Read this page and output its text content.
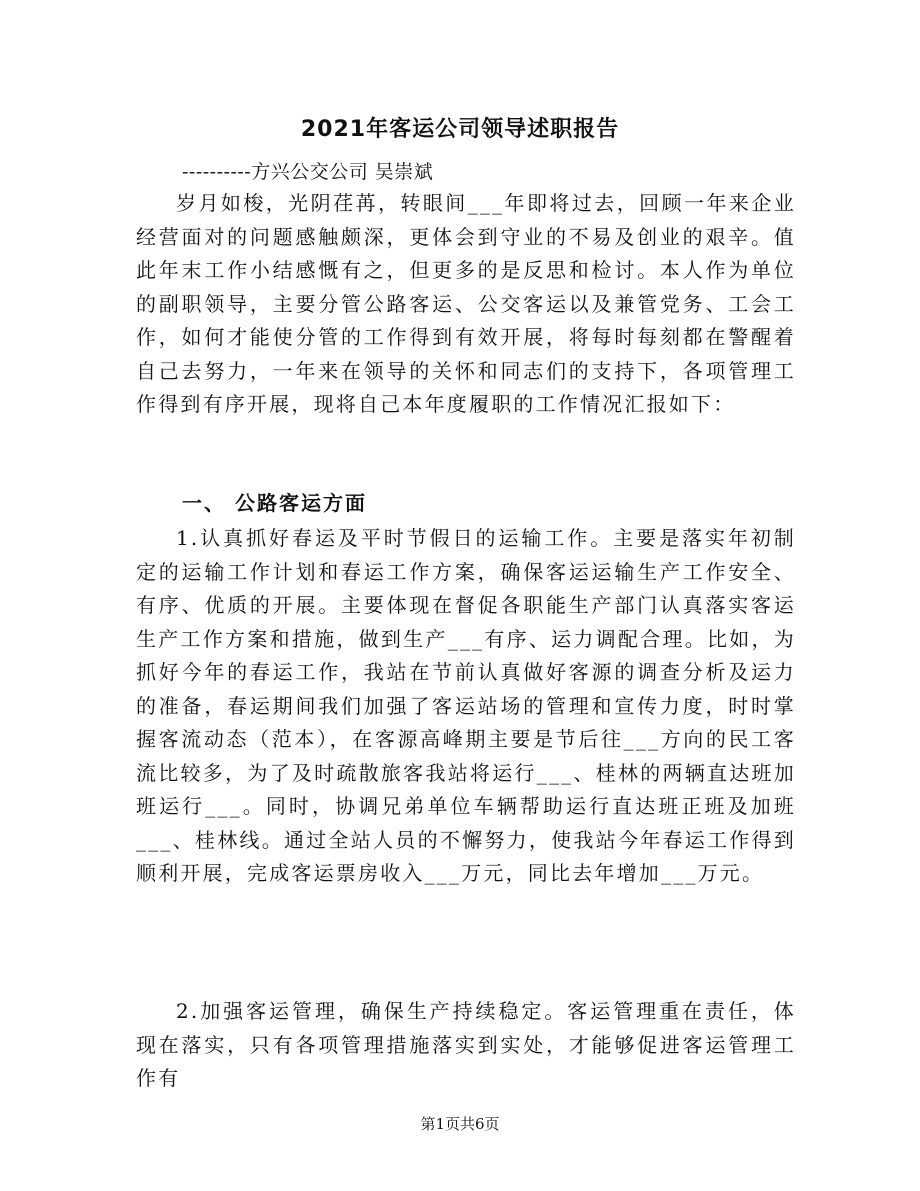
2021年客运公司领导述职报告
----------方兴公交公司 吴崇斌

岁月如梭，光阴荏苒，转眼间___年即将过去，回顾一年来企业经营面对的问题感触颇深，更体会到守业的不易及创业的艰辛。值此年末工作小结感慨有之，但更多的是反思和检讨。本人作为单位的副职领导，主要分管公路客运、公交客运以及兼管党务、工会工作，如何才能使分管的工作得到有效开展，将每时每刻都在警醒着自己去努力，一年来在领导的关怀和同志们的支持下，各项管理工作得到有序开展，现将自己本年度履职的工作情况汇报如下：

一、 公路客运方面

1.认真抓好春运及平时节假日的运输工作。主要是落实年初制定的运输工作计划和春运工作方案，确保客运运输生产工作安全、有序、优质的开展。主要体现在督促各职能生产部门认真落实客运生产工作方案和措施，做到生产___有序、运力调配合理。比如，为抓好今年的春运工作，我站在节前认真做好客源的调查分析及运力的准备，春运期间我们加强了客运站场的管理和宣传力度，时时掌握客流动态（范本），在客源高峰期主要是节后往___方向的民工客流比较多，为了及时疏散旅客我站将运行___、桂林的两辆直达班加班运行___。同时，协调兄弟单位车辆帮助运行直达班正班及加班___、桂林线。通过全站人员的不懈努力，使我站今年春运工作得到顺利开展，完成客运票房收入___万元，同比去年增加___万元。

2.加强客运管理，确保生产持续稳定。客运管理重在责任，体现在落实，只有各项管理措施落实到实处，才能够促进客运管理工作有

第1页共6页
